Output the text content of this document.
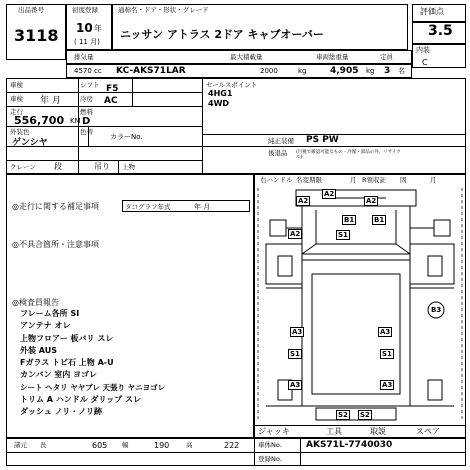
出品番号
3118
初度登録
10 年
( 11 月)
通称名・ドア・形状・グレード
ニッサン アトラス 2ドア キャブオーバー
評価点
3.5
内装
C
排気量	最大積載量	車両総重量	定員
4570 cc KC-AKS71LAR	2000	kg	4,905 kg 3 名
車検	シフト F5
車検 年 月	冷房 AC
走行
556,700 KM
燃料
D
外装色
ゲンシヤ
色替
カラーNo.
クレーン 段	吊り 上物
セールスポイント
4HG1
4WD
純正装備 PS PW
後退品 (目視で確認可能なもの・冷媒・部品の外、リサイクル)
◎走行に関する補足事項	タコグラフ年式	年 月
◎不具合箇所・注意事項
◎検査員報告
フレーム各所 SI
アンテナ オレ
上物フロアー 板バリ スレ
外装 AUS
Fガラス トビ石 上物 A-U
カンバン 室内 ヨゴレ
シート ヘタリ ヤヤブレ 天張り ヤニヨゴレ
トリム A ハンドル ダリップ スレ
ダッシュ ノリ・ノリ跡
右ハンドル 名変期限	月 R領収証 固	月
A2
A2	A2
B1
S1
B1
A2
A3	A3
B3
S1	S1
A3	A3
S2 S2
ジャッキ	工具	取説	スペア
諸元 長	605 幅	190	高	222	車体No.	AKS71L-7740030
登録No.
